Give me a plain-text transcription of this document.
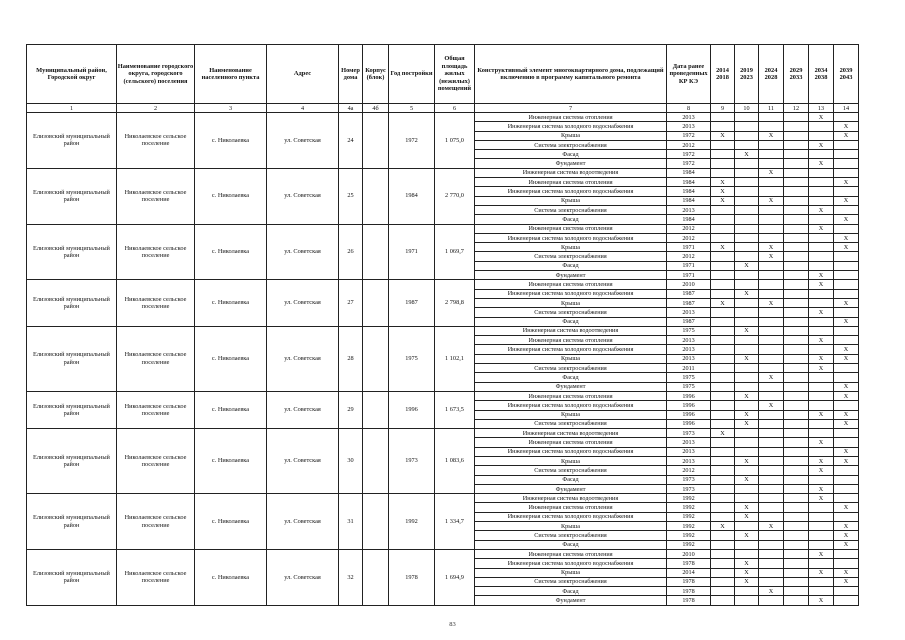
Муниципальный район, Городской округ	Наименование городского округа, городского (сельского) поселения	Наименование населенного пункта	Адрес	Номер дома	Корпус (блок)	Год постройки	Общая площадь жилых (нежилых) помещений	Конструктивный элемент многоквартирного дома, подлежащий включению в программу капитального ремонта	Дата ранее проведенных КР КЭ	2014 2018	2019 2023	2024 2028	2029 2033	2034 2038	2039 2043
1	2	3	4	4а	4б	5	6	7	8	9	10	11	12	13	14
Елизовский муниципальный район	Николаевское сельское поселение	с. Николаевка	ул. Советская	24		1972	1 075,0	Инженерная система отопления	2013					X	
								Инженерная система холодного водоснабжения	2013						X
								Крыша	1972	X		X			X
								Система электроснабжения	2012					X	
								Фасад	1972		X				
								Фундамент	1972					X	
Елизовский муниципальный район	Николаевское сельское поселение	с. Николаевка	ул. Советская	25		1984	2 770,0	Инженерная система водоотведения	1984			X			
								Инженерная система отопления	1984	X					X
								Инженерная система холодного водоснабжения	1984	X					
								Крыша	1984	X		X			X
								Система электроснабжения	2013					X	
								Фасад	1984						X
Елизовский муниципальный район	Николаевское сельское поселение	с. Николаевка	ул. Советская	26		1971	1 069,7	Инженерная система отопления	2012					X	
								Инженерная система холодного водоснабжения	2012						X
								Крыша	1971	X		X			X
								Система электроснабжения	2012			X			
								Фасад	1971		X				
								Фундамент	1971					X	
Елизовский муниципальный район	Николаевское сельское поселение	с. Николаевка	ул. Советская	27		1987	2 798,8	Инженерная система отопления	2010					X	
								Инженерная система холодного водоснабжения	1987		X				
								Крыша	1987	X		X			X
								Система электроснабжения	2013					X	
								Фасад	1987						X
Елизовский муниципальный район	Николаевское сельское поселение	с. Николаевка	ул. Советская	28		1975	1 102,1	Инженерная система водоотведения	1975		X				
								Инженерная система отопления	2013					X	
								Инженерная система холодного водоснабжения	2013						X
								Крыша	2013		X			X	X
								Система электроснабжения	2011					X	
								Фасад	1975			X			
								Фундамент	1975						X
Елизовский муниципальный район	Николаевское сельское поселение	с. Николаевка	ул. Советская	29		1996	1 673,5	Инженерная система отопления	1996		X				X
								Инженерная система холодного водоснабжения	1996			X			
								Крыша	1996		X			X	X
								Система электроснабжения	1996		X				X
Елизовский муниципальный район	Николаевское сельское поселение	с. Николаевка	ул. Советская	30		1973	1 083,6	Инженерная система водоотведения	1973	X					
								Инженерная система отопления	2013					X	
								Инженерная система холодного водоснабжения	2013						X
								Крыша	2013		X			X	X
								Система электроснабжения	2012					X	
								Фасад	1973		X				
								Фундамент	1973					X	
Елизовский муниципальный район	Николаевское сельское поселение	с. Николаевка	ул. Советская	31		1992	1 334,7	Инженерная система водоотведения	1992					X	
								Инженерная система отопления	1992		X				X
								Инженерная система холодного водоснабжения	1992		X				
								Крыша	1992	X		X			X
								Система электроснабжения	1992		X				X
								Фасад	1992						X
Елизовский муниципальный район	Николаевское сельское поселение	с. Николаевка	ул. Советская	32		1978	1 694,9	Инженерная система отопления	2010					X	
								Инженерная система холодного водоснабжения	1978		X				
								Крыша	2014		X			X	X
								Система электроснабжения	1978		X				X
								Фасад	1978			X			
								Фундамент	1978					X	
83
